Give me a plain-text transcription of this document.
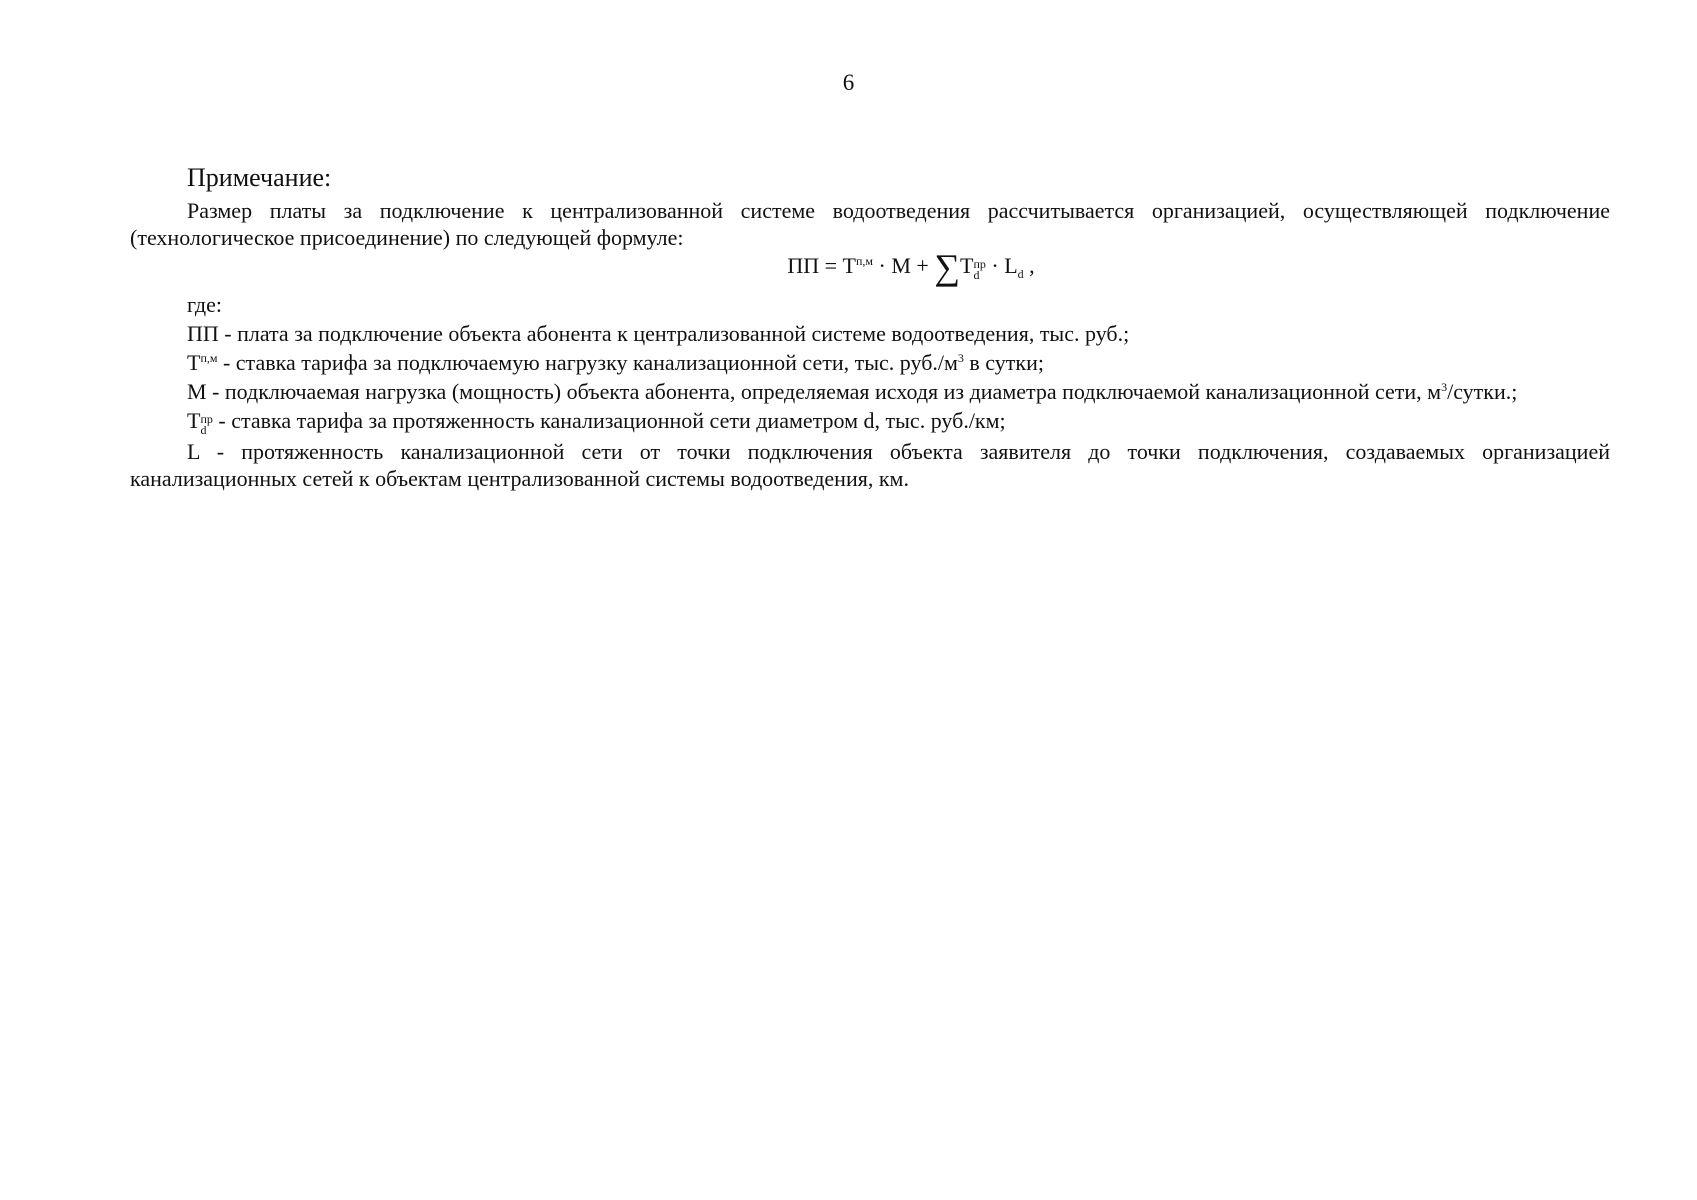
6
Примечание:

Размер платы за подключение к централизованной системе водоотведения рассчитывается организацией, осуществляющей подключение (технологическое присоединение) по следующей формуле:

ПП = $T^{п,м} \cdot M + \sum T$ пр
$d \cdot L_d$ ,

где:

ПП - плата за подключение объекта абонента к централизованной системе водоотведения, тыс. руб.;

$T^{п,м}$ - ставка тарифа за подключаемую нагрузку канализационной сети, тыс. $руб./м^3$ в сутки;

М - подключаемая нагрузка (мощность) объекта абонента, определяемая исходя из диаметра подключаемой канализационной сети, $м^3$/сутки.;

T пр
d - ставка тарифа за протяженность канализационной сети диаметром d, тыс. руб./км;

L - протяженность канализационной сети от точки подключения объекта заявителя до точки подключения, создаваемых организацией канализационных сетей к объектам централизованной системы водоотведения, км.
